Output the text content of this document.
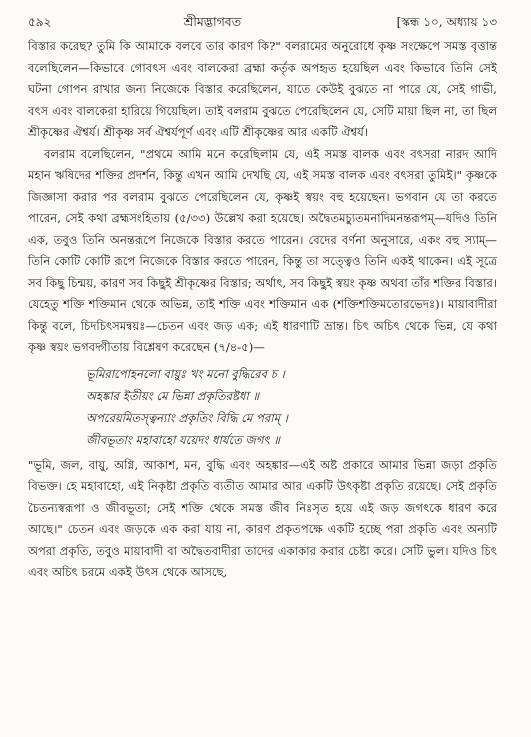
৫৯২	শ্রীমদ্ভাগবত	[স্কন্ধ ১০, অধ্যায় ১৩

বিস্তার করেছ? তুমি কি আমাকে বলবে তার কারণ কি?" বলরামের অনুরোধে কৃষ্ণ সংক্ষেপে সমস্ত বৃত্তান্ত বলেছিলেন—কিভাবে গোবৎস এবং বালকেরা ব্রহ্মা কর্তৃক অপহৃত হয়েছিল এবং কিভাবে তিনি সেই ঘটনা গোপন রাখার জন্য নিজেকে বিস্তার করেছিলেন, যাতে কেউই বুঝতে না পারে যে, সেই গাভী, বৎস এবং বালকেরা হারিয়ে গিয়েছিল। তাই বলরাম বুঝতে পেরেছিলেন যে, সেটি মায়া ছিল না, তা ছিল শ্রীকৃষ্ণের ঐশ্বর্য। শ্রীকৃষ্ণ সর্ব ঐশ্বর্যপূর্ণ এবং এটি শ্রীকৃষ্ণের আর একটি ঐশ্বর্য।

বলরাম বলেছিলেন, "প্রথমে আমি মনে করেছিলাম যে, এই সমস্ত বালক এবং বৎসরা নারদ আদি মহান ঋষিদের শক্তির প্রদর্শন, কিন্তু এখন আমি দেখছি যে, এই সমস্ত বালক এবং বৎসরা তুমিই।" কৃষ্ণকে জিজ্ঞাসা করার পর বলরাম বুঝতে পেরেছিলেন যে, কৃষ্ণই স্বয়ং বহু হয়েছেন। ভগবান যে তা করতে পারেন, সেই কথা ব্রহ্মসংহিতায় (৫/৩৩) উল্লেখ করা হয়েছে। অদ্বৈতমচ্যুতমনাদিমনন্তরূপম্—যদিও তিনি এক, তবুও তিনি অনন্তরূপে নিজেকে বিস্তার করতে পারেন। বেদের বর্ণনা অনুসারে, একং বহু স্যাম্—তিনি কোটি কোটি রূপে নিজেকে বিস্তার করতে পারেন, কিন্তু তা সত্ত্বেও তিনি একই থাকেন। এই সূত্রে সব কিছু চিন্ময়, কারণ সব কিছুই শ্রীকৃষ্ণের বিস্তার; অর্থাৎ, সব কিছুই স্বয়ং কৃষ্ণ অথবা তাঁর শক্তির বিস্তার। যেহেতু শক্তি শক্তিমান থেকে অভিন্ন, তাই শক্তি এবং শক্তিমান এক (শক্তিশক্তিমতোরভেদঃ)। মায়াবাদীরা কিন্তু বলে, চিদচিৎসমন্বয়ঃ—চেতন এবং জড় এক; এই ধারণাটি ভ্রান্ত। চিৎ অচিৎ থেকে ভিন্ন, যে কথা কৃষ্ণ স্বয়ং ভগবদ্গীতায় বিশ্লেষণ করেছেন (৭/৪-৫)—

ভূমিরাপোহনলো বায়ুঃ খং মনো বুদ্ধিরেব চ ।
অহঙ্কার ইতীয়ং মে ভিন্না প্রকৃতিরষ্টধা ॥
অপরেয়মিতস্ত্বন্যাং প্রকৃতিং বিদ্ধি মে পরাম্ ।
জীবভূতাং মহাবাহো যয়েদং ধার্যতে জগৎ ॥

"ভূমি, জল, বায়ু, অগ্নি, আকাশ, মন, বুদ্ধি এবং অহঙ্কার—এই অষ্ট প্রকারে আমার ভিন্না জড়া প্রকৃতি বিভক্ত। হে মহাবাহো, এই নিকৃষ্টা প্রকৃতি ব্যতীত আমার আর একটি উৎকৃষ্টা প্রকৃতি রয়েছে। সেই প্রকৃতি চৈতন্যস্বরূপা ও জীবভূতা; সেই শক্তি থেকে সমস্ত জীব নিঃসৃত হয়ে এই জড় জগৎকে ধারণ করে আছে।" চেতন এবং জড়কে এক করা যায় না, কারণ প্রকৃতপক্ষে একটি হচ্ছে পরা প্রকৃতি এবং অন্যটি অপরা প্রকৃতি, তবুও মায়াবাদী বা অদ্বৈতবাদীরা তাদের একাকার করার চেষ্টা করে। সেটি ভুল। যদিও চিৎ এবং অচিৎ চরমে একই উৎস থেকে আসছে,
